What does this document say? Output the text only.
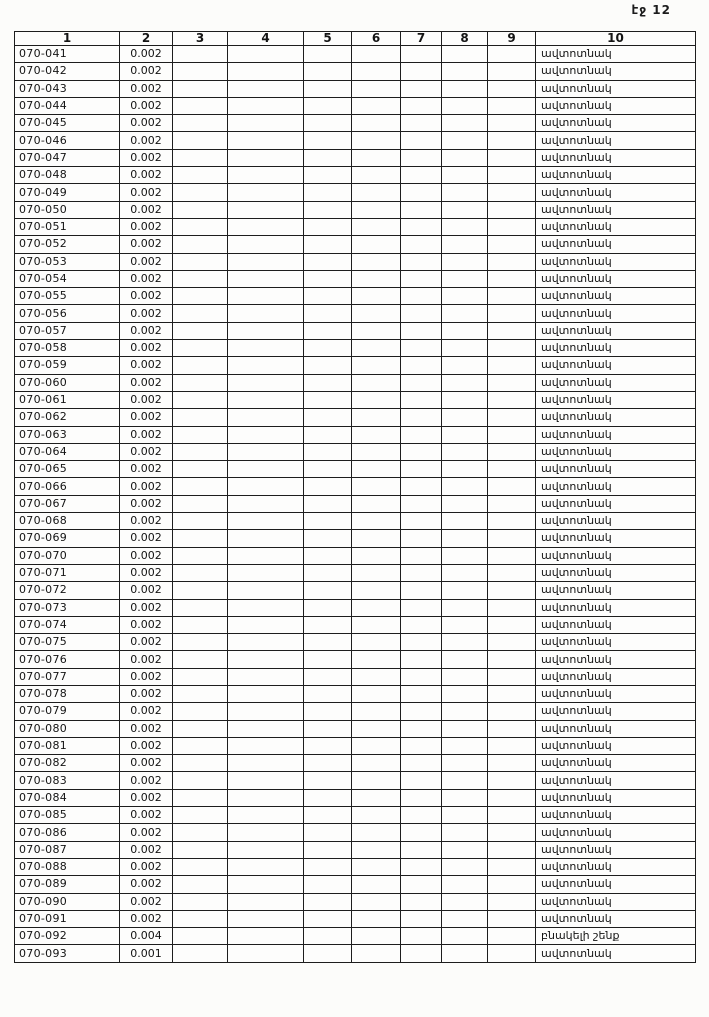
էջ 12
1	2	3	4	5	6	7	8	9	10
070-041	0.002								ավտոտնակ
070-042	0.002								ավտոտնակ
070-043	0.002								ավտոտնակ
070-044	0.002								ավտոտնակ
070-045	0.002								ավտոտնակ
070-046	0.002								ավտոտնակ
070-047	0.002								ավտոտնակ
070-048	0.002								ավտոտնակ
070-049	0.002								ավտոտնակ
070-050	0.002								ավտոտնակ
070-051	0.002								ավտոտնակ
070-052	0.002								ավտոտնակ
070-053	0.002								ավտոտնակ
070-054	0.002								ավտոտնակ
070-055	0.002								ավտոտնակ
070-056	0.002								ավտոտնակ
070-057	0.002								ավտոտնակ
070-058	0.002								ավտոտնակ
070-059	0.002								ավտոտնակ
070-060	0.002								ավտոտնակ
070-061	0.002								ավտոտնակ
070-062	0.002								ավտոտնակ
070-063	0.002								ավտոտնակ
070-064	0.002								ավտոտնակ
070-065	0.002								ավտոտնակ
070-066	0.002								ավտոտնակ
070-067	0.002								ավտոտնակ
070-068	0.002								ավտոտնակ
070-069	0.002								ավտոտնակ
070-070	0.002								ավտոտնակ
070-071	0.002								ավտոտնակ
070-072	0.002								ավտոտնակ
070-073	0.002								ավտոտնակ
070-074	0.002								ավտոտնակ
070-075	0.002								ավտոտնակ
070-076	0.002								ավտոտնակ
070-077	0.002								ավտոտնակ
070-078	0.002								ավտոտնակ
070-079	0.002								ավտոտնակ
070-080	0.002								ավտոտնակ
070-081	0.002								ավտոտնակ
070-082	0.002								ավտոտնակ
070-083	0.002								ավտոտնակ
070-084	0.002								ավտոտնակ
070-085	0.002								ավտոտնակ
070-086	0.002								ավտոտնակ
070-087	0.002								ավտոտնակ
070-088	0.002								ավտոտնակ
070-089	0.002								ավտոտնակ
070-090	0.002								ավտոտնակ
070-091	0.002								ավտոտնակ
070-092	0.004								բնակելի շենք
070-093	0.001								ավտոտնակ
